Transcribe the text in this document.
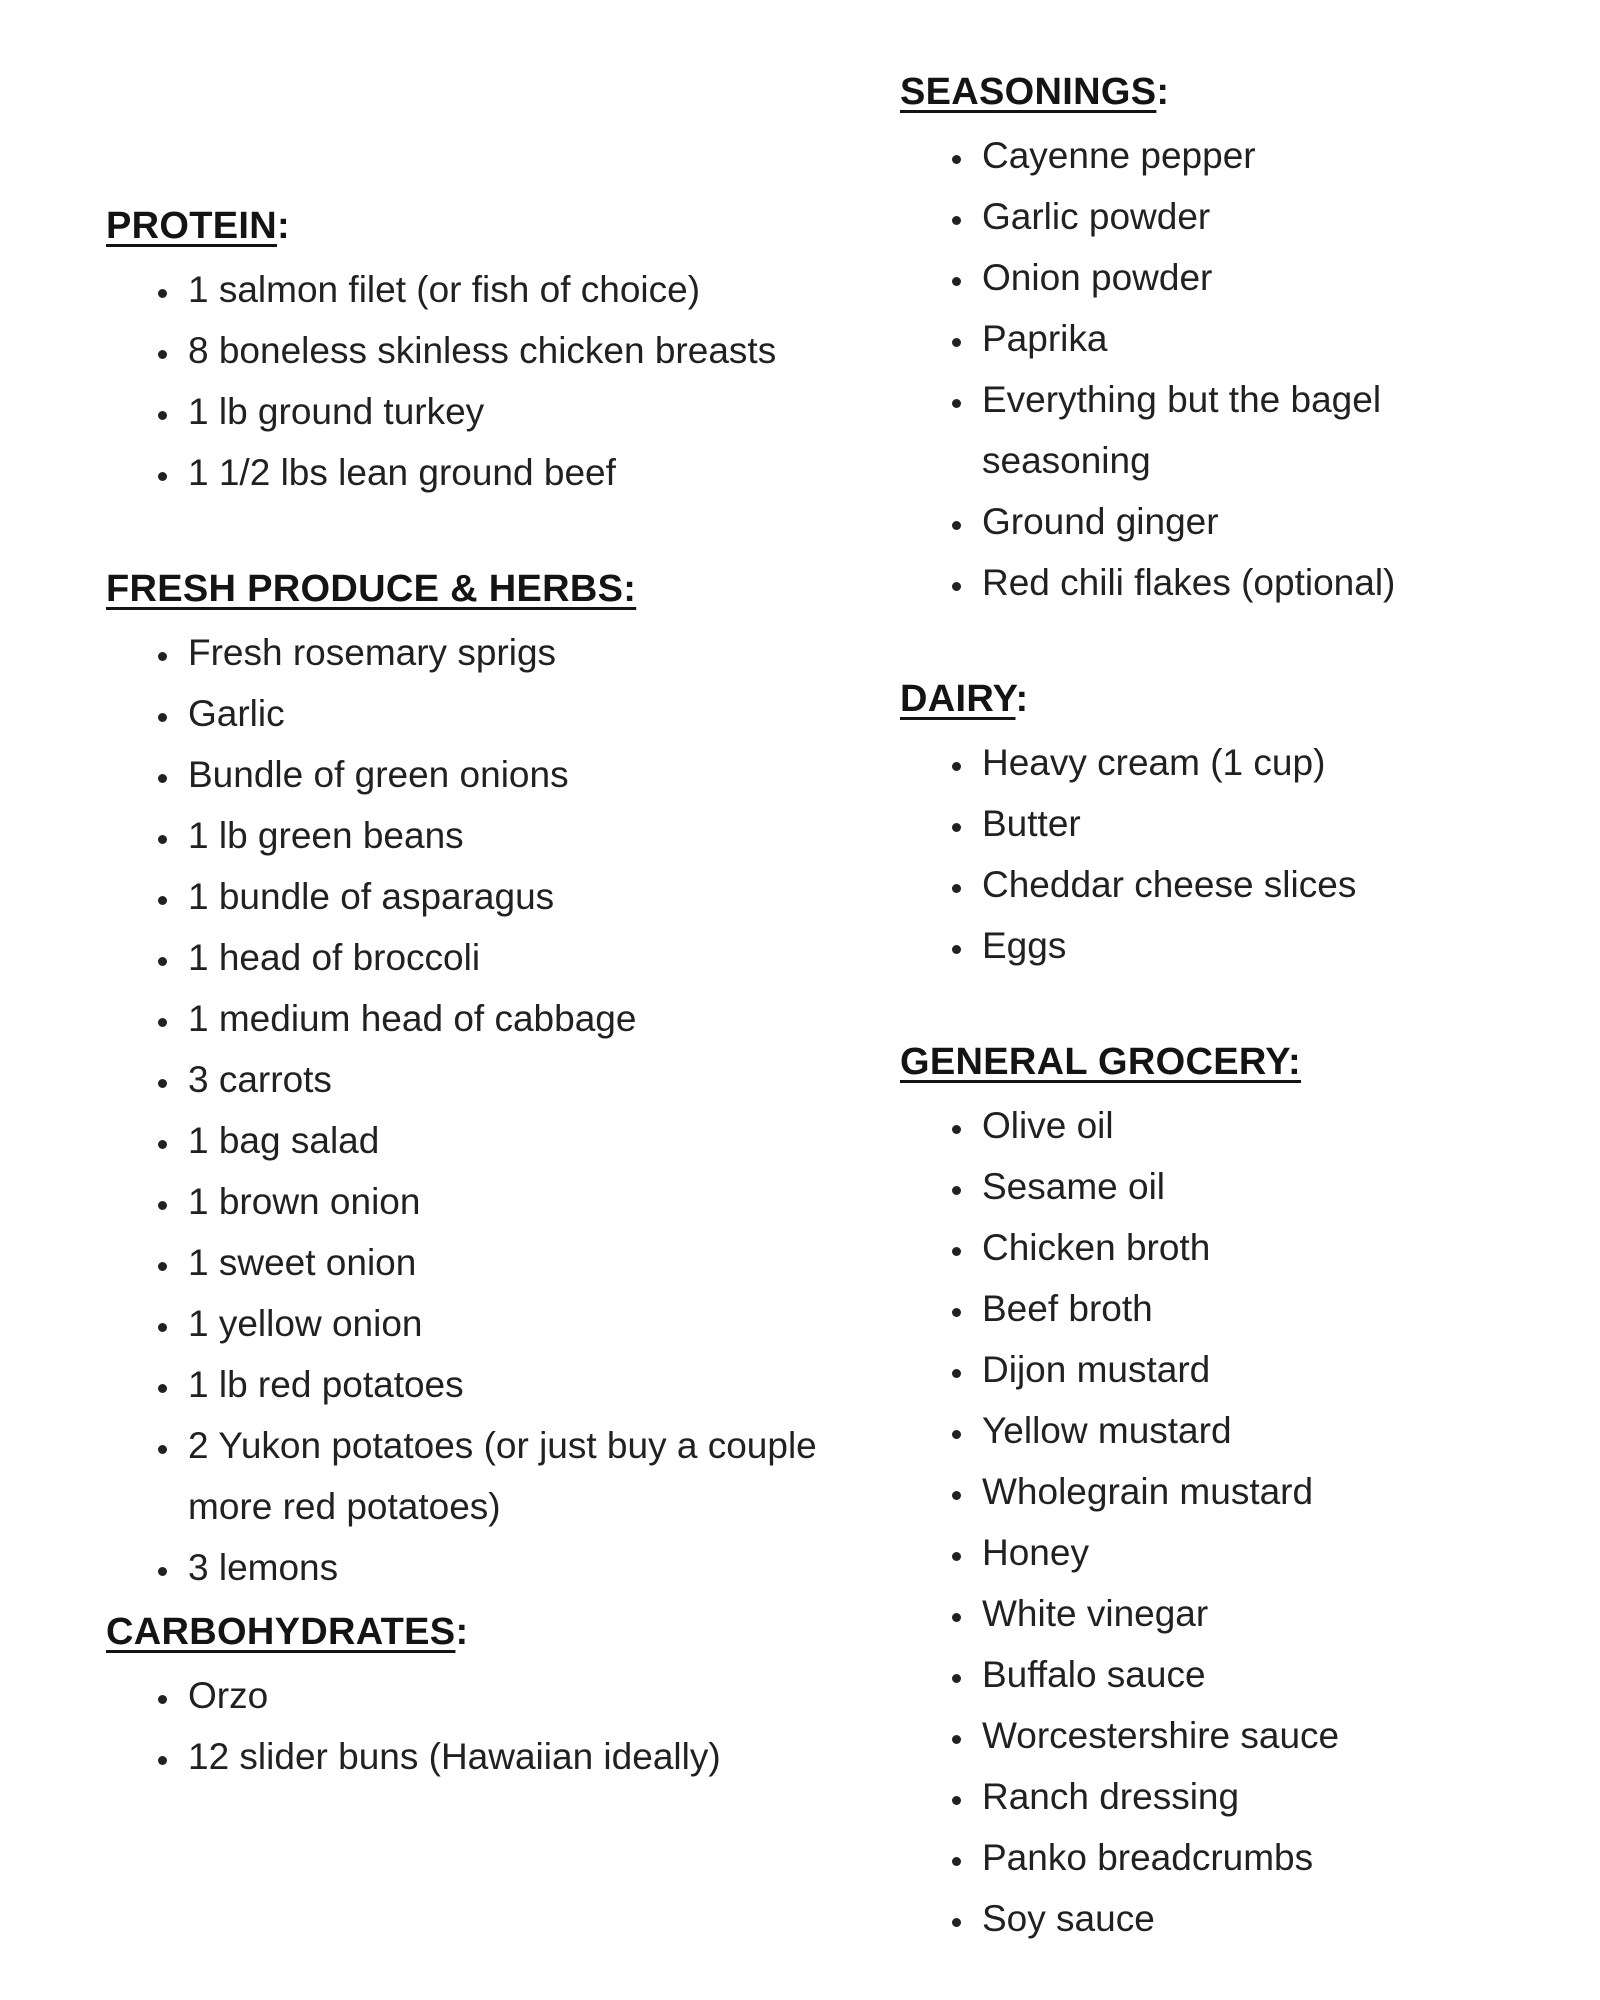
PROTEIN:
• 1 salmon filet (or fish of choice)
• 8 boneless skinless chicken breasts
• 1 lb ground turkey
• 1 1/2 lbs lean ground beef
FRESH PRODUCE & HERBS:
• Fresh rosemary sprigs
• Garlic
• Bundle of green onions
• 1 lb green beans
• 1 bundle of asparagus
• 1 head of broccoli
• 1 medium head of cabbage
• 3 carrots
• 1 bag salad
• 1 brown onion
• 1 sweet onion
• 1 yellow onion
• 1 lb red potatoes
• 2 Yukon potatoes (or just buy a couple more red potatoes)
• 3 lemons
CARBOHYDRATES:
• Orzo
• 12 slider buns (Hawaiian ideally)
SEASONINGS:
• Cayenne pepper
• Garlic powder
• Onion powder
• Paprika
• Everything but the bagel seasoning
• Ground ginger
• Red chili flakes (optional)
DAIRY:
• Heavy cream (1 cup)
• Butter
• Cheddar cheese slices
• Eggs
GENERAL GROCERY:
• Olive oil
• Sesame oil
• Chicken broth
• Beef broth
• Dijon mustard
• Yellow mustard
• Wholegrain mustard
• Honey
• White vinegar
• Buffalo sauce
• Worcestershire sauce
• Ranch dressing
• Panko breadcrumbs
• Soy sauce
